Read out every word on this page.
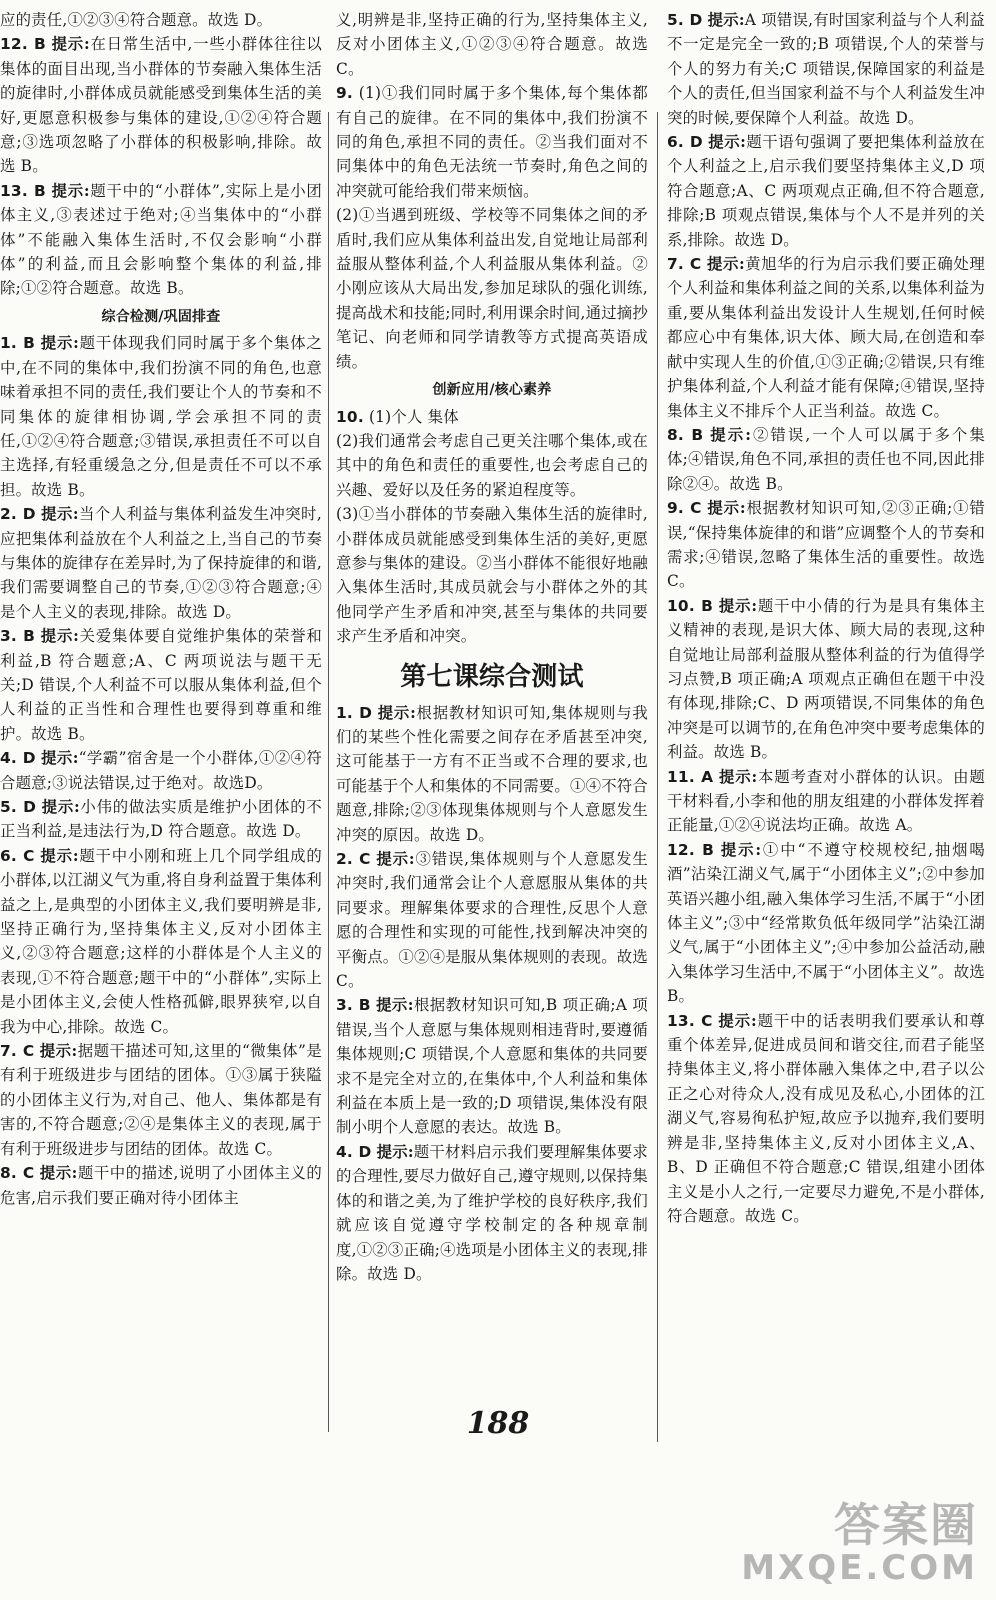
应的责任,①②③④符合题意。故选 D。

12. B 提示:在日常生活中,一些小群体往往以集体的面目出现,当小群体的节奏融入集体生活的旋律时,小群体成员就能感受到集体生活的美好,更愿意积极参与集体的建设,①②④符合题意;③选项忽略了小群体的积极影响,排除。故选 B。

13. B 提示:题干中的“小群体”,实际上是小团体主义,③表述过于绝对;④当集体中的“小群体”不能融入集体生活时,不仅会影响“小群体”的利益,而且会影响整个集体的利益,排除;①②符合题意。故选 B。

综合检测/巩固排查

1. B 提示:题干体现我们同时属于多个集体之中,在不同的集体中,我们扮演不同的角色,也意味着承担不同的责任,我们要让个人的节奏和不同集体的旋律相协调,学会承担不同的责任,①②④符合题意;③错误,承担责任不可以自主选择,有轻重缓急之分,但是责任不可以不承担。故选 B。

2. D 提示:当个人利益与集体利益发生冲突时,应把集体利益放在个人利益之上,当自己的节奏与集体的旋律存在差异时,为了保持旋律的和谐,我们需要调整自己的节奏,①②③符合题意;④是个人主义的表现,排除。故选 D。

3. B 提示:关爱集体要自觉维护集体的荣誉和利益,B 符合题意;A、C 两项说法与题干无关;D 错误,个人利益不可以服从集体利益,但个人利益的正当性和合理性也要得到尊重和维护。故选 B。

4. D 提示:“学霸”宿舍是一个小群体,①②④符合题意;③说法错误,过于绝对。故选D。

5. D 提示:小伟的做法实质是维护小团体的不正当利益,是违法行为,D 符合题意。故选 D。

6. C 提示:题干中小刚和班上几个同学组成的小群体,以江湖义气为重,将自身利益置于集体利益之上,是典型的小团体主义,我们要明辨是非,坚持正确行为,坚持集体主义,反对小团体主义,②③符合题意;这样的小群体是个人主义的表现,①不符合题意;题干中的“小群体”,实际上是小团体主义,会使人性格孤僻,眼界狭窄,以自我为中心,排除。故选 C。

7. C 提示:据题干描述可知,这里的“微集体”是有利于班级进步与团结的团体。①③属于狭隘的小团体主义行为,对自己、他人、集体都是有害的,不符合题意;②④是集体主义的表现,属于有利于班级进步与团结的团体。故选 C。

8. C 提示:题干中的描述,说明了小团体主义的危害,启示我们要正确对待小团体主

义,明辨是非,坚持正确的行为,坚持集体主义,反对小团体主义,①②③④符合题意。故选 C。

9. (1)①我们同时属于多个集体,每个集体都有自己的旋律。在不同的集体中,我们扮演不同的角色,承担不同的责任。②当我们面对不同集体中的角色无法统一节奏时,角色之间的冲突就可能给我们带来烦恼。

(2)①当遇到班级、学校等不同集体之间的矛盾时,我们应从集体利益出发,自觉地让局部利益服从整体利益,个人利益服从集体利益。②小刚应该从大局出发,参加足球队的强化训练,提高战术和技能;同时,利用课余时间,通过摘抄笔记、向老师和同学请教等方式提高英语成绩。

创新应用/核心素养

10. (1)个人 集体

(2)我们通常会考虑自己更关注哪个集体,或在其中的角色和责任的重要性,也会考虑自己的兴趣、爱好以及任务的紧迫程度等。

(3)①当小群体的节奏融入集体生活的旋律时,小群体成员就能感受到集体生活的美好,更愿意参与集体的建设。②当小群体不能很好地融入集体生活时,其成员就会与小群体之外的其他同学产生矛盾和冲突,甚至与集体的共同要求产生矛盾和冲突。

第七课综合测试

1. D 提示:根据教材知识可知,集体规则与我们的某些个性化需要之间存在矛盾甚至冲突,这可能基于一方有不正当或不合理的要求,也可能基于个人和集体的不同需要。①④不符合题意,排除;②③体现集体规则与个人意愿发生冲突的原因。故选 D。

2. C 提示:③错误,集体规则与个人意愿发生冲突时,我们通常会让个人意愿服从集体的共同要求。理解集体要求的合理性,反思个人意愿的合理性和实现的可能性,找到解决冲突的平衡点。①②④是服从集体规则的表现。故选 C。

3. B 提示:根据教材知识可知,B 项正确;A 项错误,当个人意愿与集体规则相违背时,要遵循集体规则;C 项错误,个人意愿和集体的共同要求不是完全对立的,在集体中,个人利益和集体利益在本质上是一致的;D 项错误,集体没有限制小明个人意愿的表达。故选 B。

4. D 提示:题干材料启示我们要理解集体要求的合理性,要尽力做好自己,遵守规则,以保持集体的和谐之美,为了维护学校的良好秩序,我们就应该自觉遵守学校制定的各种规章制度,①②③正确;④选项是小团体主义的表现,排除。故选 D。

5. D 提示:A 项错误,有时国家利益与个人利益不一定是完全一致的;B 项错误,个人的荣誉与个人的努力有关;C 项错误,保障国家的利益是个人的责任,但当国家利益不与个人利益发生冲突的时候,要保障个人利益。故选 D。

6. D 提示:题干语句强调了要把集体利益放在个人利益之上,启示我们要坚持集体主义,D 项符合题意;A、C 两项观点正确,但不符合题意,排除;B 项观点错误,集体与个人不是并列的关系,排除。故选 D。

7. C 提示:黄旭华的行为启示我们要正确处理个人利益和集体利益之间的关系,以集体利益为重,要从集体利益出发设计人生规划,任何时候都应心中有集体,识大体、顾大局,在创造和奉献中实现人生的价值,①③正确;②错误,只有维护集体利益,个人利益才能有保障;④错误,坚持集体主义不排斥个人正当利益。故选 C。

8. B 提示:②错误,一个人可以属于多个集体;④错误,角色不同,承担的责任也不同,因此排除②④。故选 B。

9. C 提示:根据教材知识可知,②③正确;①错误,“保持集体旋律的和谐”应调整个人的节奏和需求;④错误,忽略了集体生活的重要性。故选 C。

10. B 提示:题干中小倩的行为是具有集体主义精神的表现,是识大体、顾大局的表现,这种自觉地让局部利益服从整体利益的行为值得学习点赞,B 项正确;A 项观点正确但在题干中没有体现,排除;C、D 两项错误,不同集体的角色冲突是可以调节的,在角色冲突中要考虑集体的利益。故选 B。

11. A 提示:本题考查对小群体的认识。由题干材料看,小李和他的朋友组建的小群体发挥着正能量,①②④说法均正确。故选 A。

12. B 提示:①中“不遵守校规校纪,抽烟喝酒”沾染江湖义气,属于“小团体主义”;②中参加英语兴趣小组,融入集体学习生活,不属于“小团体主义”;③中“经常欺负低年级同学”沾染江湖义气,属于“小团体主义”;④中参加公益活动,融入集体学习生活中,不属于“小团体主义”。故选 B。

13. C 提示:题干中的话表明我们要承认和尊重个体差异,促进成员间和谐交往,而君子能坚持集体主义,将小群体融入集体之中,君子以公正之心对待众人,没有成见及私心,小团体的江湖义气,容易徇私护短,故应予以抛弃,我们要明辨是非,坚持集体主义,反对小团体主义,A、B、D 正确但不符合题意;C 错误,组建小团体主义是小人之行,一定要尽力避免,不是小群体,符合题意。故选 C。

188
答案圈
MXQE.COM
